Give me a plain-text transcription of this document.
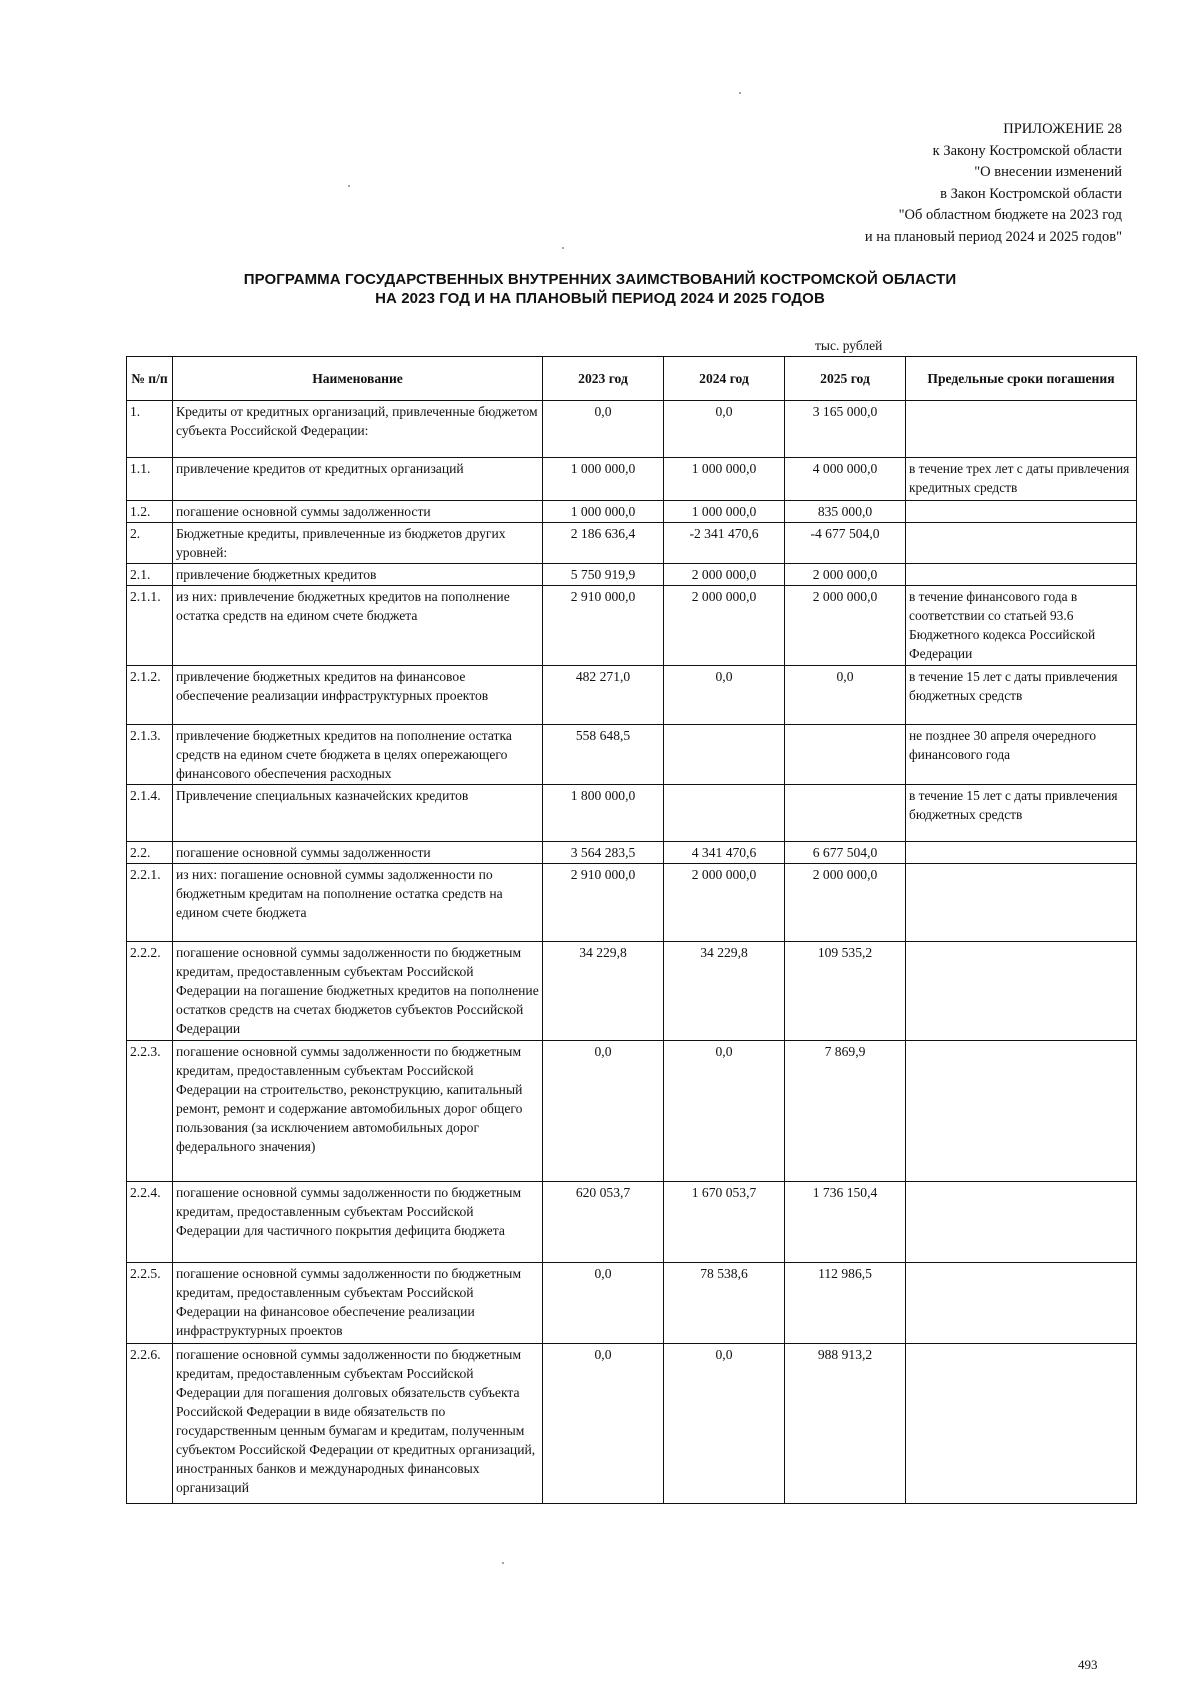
ПРИЛОЖЕНИЕ 28
к Закону Костромской области
"О внесении изменений
в Закон Костромской области
"Об областном бюджете на 2023 год
и на плановый период 2024 и 2025 годов"
ПРОГРАММА ГОСУДАРСТВЕННЫХ ВНУТРЕННИХ ЗАИМСТВОВАНИЙ КОСТРОМСКОЙ ОБЛАСТИ
НА 2023 ГОД И НА ПЛАНОВЫЙ ПЕРИОД 2024 И 2025 ГОДОВ
тыс. рублей
№ п/п	Наименование	2023 год	2024 год	2025 год	Предельные сроки погашения
1.	Кредиты от кредитных организаций, привлеченные бюджетом субъекта Российской Федерации:	0,0	0,0	3 165 000,0	
1.1.	привлечение кредитов от кредитных организаций	1 000 000,0	1 000 000,0	4 000 000,0	в течение трех лет с даты привлечения кредитных средств
1.2.	погашение основной суммы задолженности	1 000 000,0	1 000 000,0	835 000,0	
2.	Бюджетные кредиты, привлеченные из бюджетов других уровней:	2 186 636,4	-2 341 470,6	-4 677 504,0	
2.1.	привлечение бюджетных кредитов	5 750 919,9	2 000 000,0	2 000 000,0	
2.1.1.	из них: привлечение бюджетных кредитов на пополнение остатка средств на едином счете бюджета	2 910 000,0	2 000 000,0	2 000 000,0	в течение финансового года в соответствии со статьей 93.6 Бюджетного кодекса Российской Федерации
2.1.2.	привлечение бюджетных кредитов на финансовое обеспечение реализации инфраструктурных проектов	482 271,0	0,0	0,0	в течение 15 лет с даты привлечения бюджетных средств
2.1.3.	привлечение бюджетных кредитов на пополнение остатка средств на едином счете бюджета в целях опережающего финансового обеспечения расходных	558 648,5			не позднее 30 апреля очередного финансового года
2.1.4.	Привлечение специальных казначейских кредитов	1 800 000,0			в течение 15 лет с даты привлечения бюджетных средств
2.2.	погашение основной суммы задолженности	3 564 283,5	4 341 470,6	6 677 504,0	
2.2.1.	из них: погашение основной суммы задолженности по бюджетным кредитам на пополнение остатка средств на едином счете бюджета	2 910 000,0	2 000 000,0	2 000 000,0	
2.2.2.	погашение основной суммы задолженности по бюджетным кредитам, предоставленным субъектам Российской Федерации на погашение бюджетных кредитов на пополнение остатков средств на счетах бюджетов субъектов Российской Федерации	34 229,8	34 229,8	109 535,2	
2.2.3.	погашение основной суммы задолженности по бюджетным кредитам, предоставленным субъектам Российской Федерации на строительство, реконструкцию, капитальный ремонт, ремонт и содержание автомобильных дорог общего пользования (за исключением автомобильных дорог федерального значения)	0,0	0,0	7 869,9	
2.2.4.	погашение основной суммы задолженности по бюджетным кредитам, предоставленным субъектам Российской Федерации для частичного покрытия дефицита бюджета	620 053,7	1 670 053,7	1 736 150,4	
2.2.5.	погашение основной суммы задолженности по бюджетным кредитам, предоставленным субъектам Российской Федерации на финансовое обеспечение реализации инфраструктурных проектов	0,0	78 538,6	112 986,5	
2.2.6.	погашение основной суммы задолженности по бюджетным кредитам, предоставленным субъектам Российской Федерации для погашения долговых обязательств субъекта Российской Федерации в виде обязательств по государственным ценным бумагам и кредитам, полученным субъектом Российской Федерации от кредитных организаций, иностранных банков и международных финансовых организаций	0,0	0,0	988 913,2	
493
